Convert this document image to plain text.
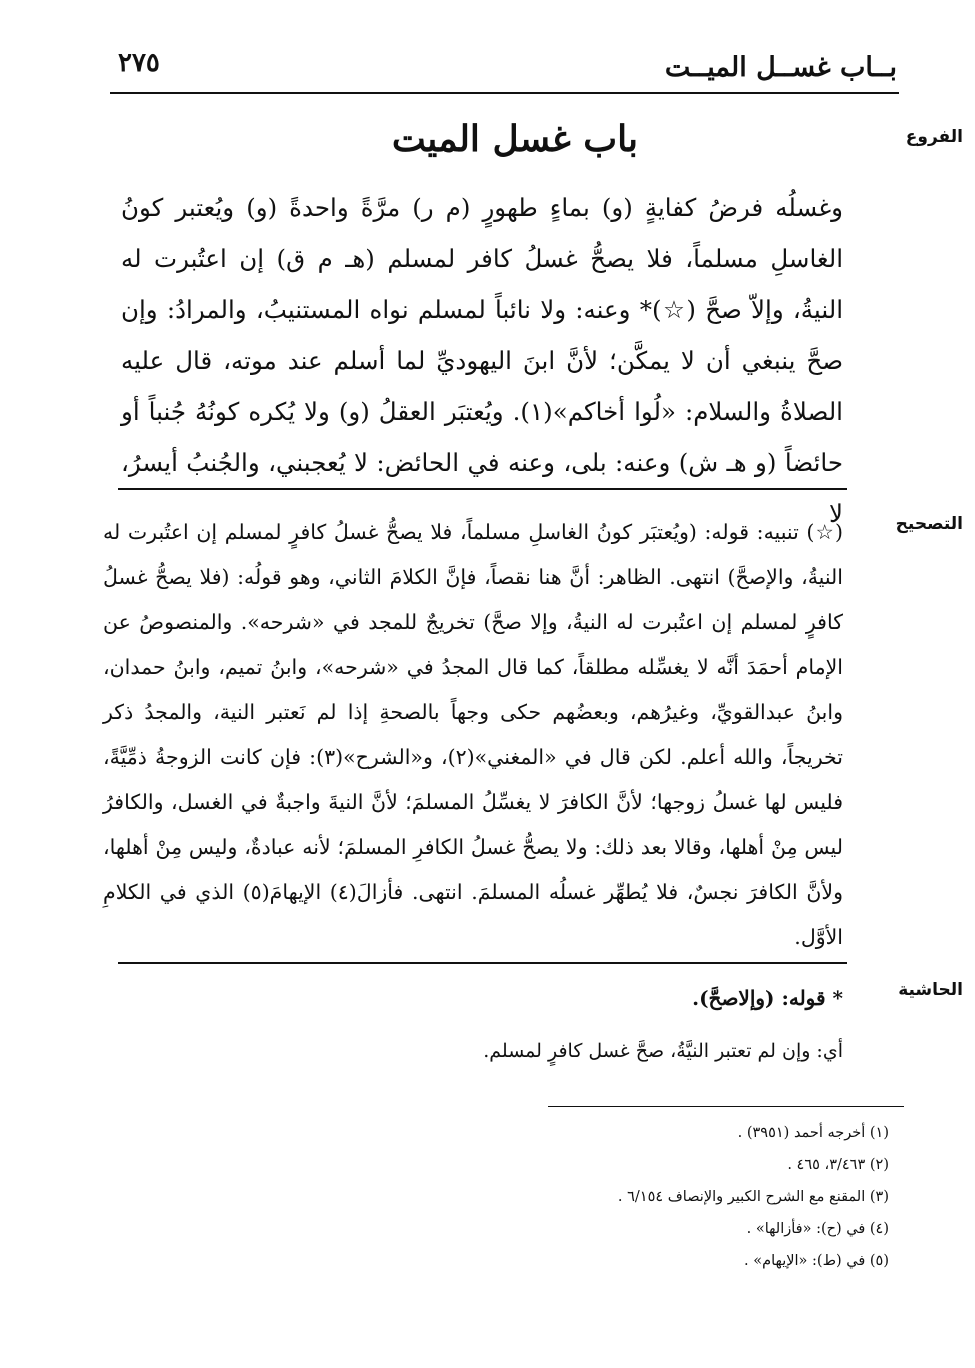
بــاب غســل الميــت
٢٧٥
الفروع
التصحيح
الحاشية
باب غسل الميت

وغسلُه فرضُ كفايةٍ (و) بماءٍ طهورٍ (م ر) مرَّةً واحدةً (و) ويُعتبر كونُ الغاسلِ مسلماً، فلا يصحُّ غسلُ كافر لمسلم (هـ م ق) إن اعتُبرت له النيةُ، وإلاّ صحَّ (☆)* وعنه: ولا نائباً لمسلم نواه المستنيبُ، والمرادُ: وإن صحَّ ينبغي أن لا يمكَّن؛ لأنَّ ابنَ اليهوديِّ لما أسلم عند موته، قال عليه الصلاةُ والسلام: «لُوا أخاكم»(١). ويُعتبَر العقلُ (و) ولا يُكره كونُهُ جُنباً أو حائضاً (و هـ ش) وعنه: بلى، وعنه في الحائض: لا يُعجبني، والجُنبُ أيسرُ، لا

(☆) تنبيه: قوله: (ويُعتبَر كونُ الغاسلِ مسلماً، فلا يصحُّ غسلُ كافرٍ لمسلم إن اعتُبرت له النيةُ، والإصحَّ) انتهى. الظاهر: أنَّ هنا نقصاً، فإنَّ الكلامَ الثاني، وهو قولُه: (فلا يصحُّ غسلُ كافرٍ لمسلم إن اعتُبرت له النيةُ، وإلا صحَّ) تخريجٌ للمجد في «شرحه». والمنصوصُ عن الإمام أحمَدَ أنَّه لا يغسِّله مطلقاً، كما قال المجدُ في «شرحه»، وابنُ تميم، وابنُ حمدان، وابنُ عبدالقويِّ، وغيرُهم، وبعضُهم حكى وجهاً بالصحةِ إذا لم نَعتبر النية، والمجدُ ذكر تخريجاً، والله أعلم. لكن قال في «المغني»(٢)، و«الشرح»(٣): فإن كانت الزوجةُ ذمِّيَّةً، فليس لها غسلُ زوجها؛ لأنَّ الكافرَ لا يغسِّلُ المسلمَ؛ لأنَّ النيةَ واجبةٌ في الغسل، والكافرُ ليس مِنْ أهلها، وقالا بعد ذلك: ولا يصحُّ غسلُ الكافرِ المسلمَ؛ لأنه عبادةٌ، وليس مِنْ أهلها، ولأنَّ الكافرَ نجسٌ، فلا يُطهِّر غسلُه المسلمَ. انتهى. فأزالَ(٤) الإيهامَ(٥) الذي في الكلامِ الأوَّل.

* قوله: (وإلاصحَّ).
أي: وإن لم تعتبر النيَّةُ، صحَّ غسل كافرٍ لمسلم.
(١) أخرجه أحمد (٣٩٥١) .
(٢) ٣/٤٦٣، ٤٦٥ .
(٣) المقنع مع الشرح الكبير والإنصاف ٦/١٥٤ .
(٤) في (ح): «فأزالها» .
(٥) في (ط): «الإيهام» .
